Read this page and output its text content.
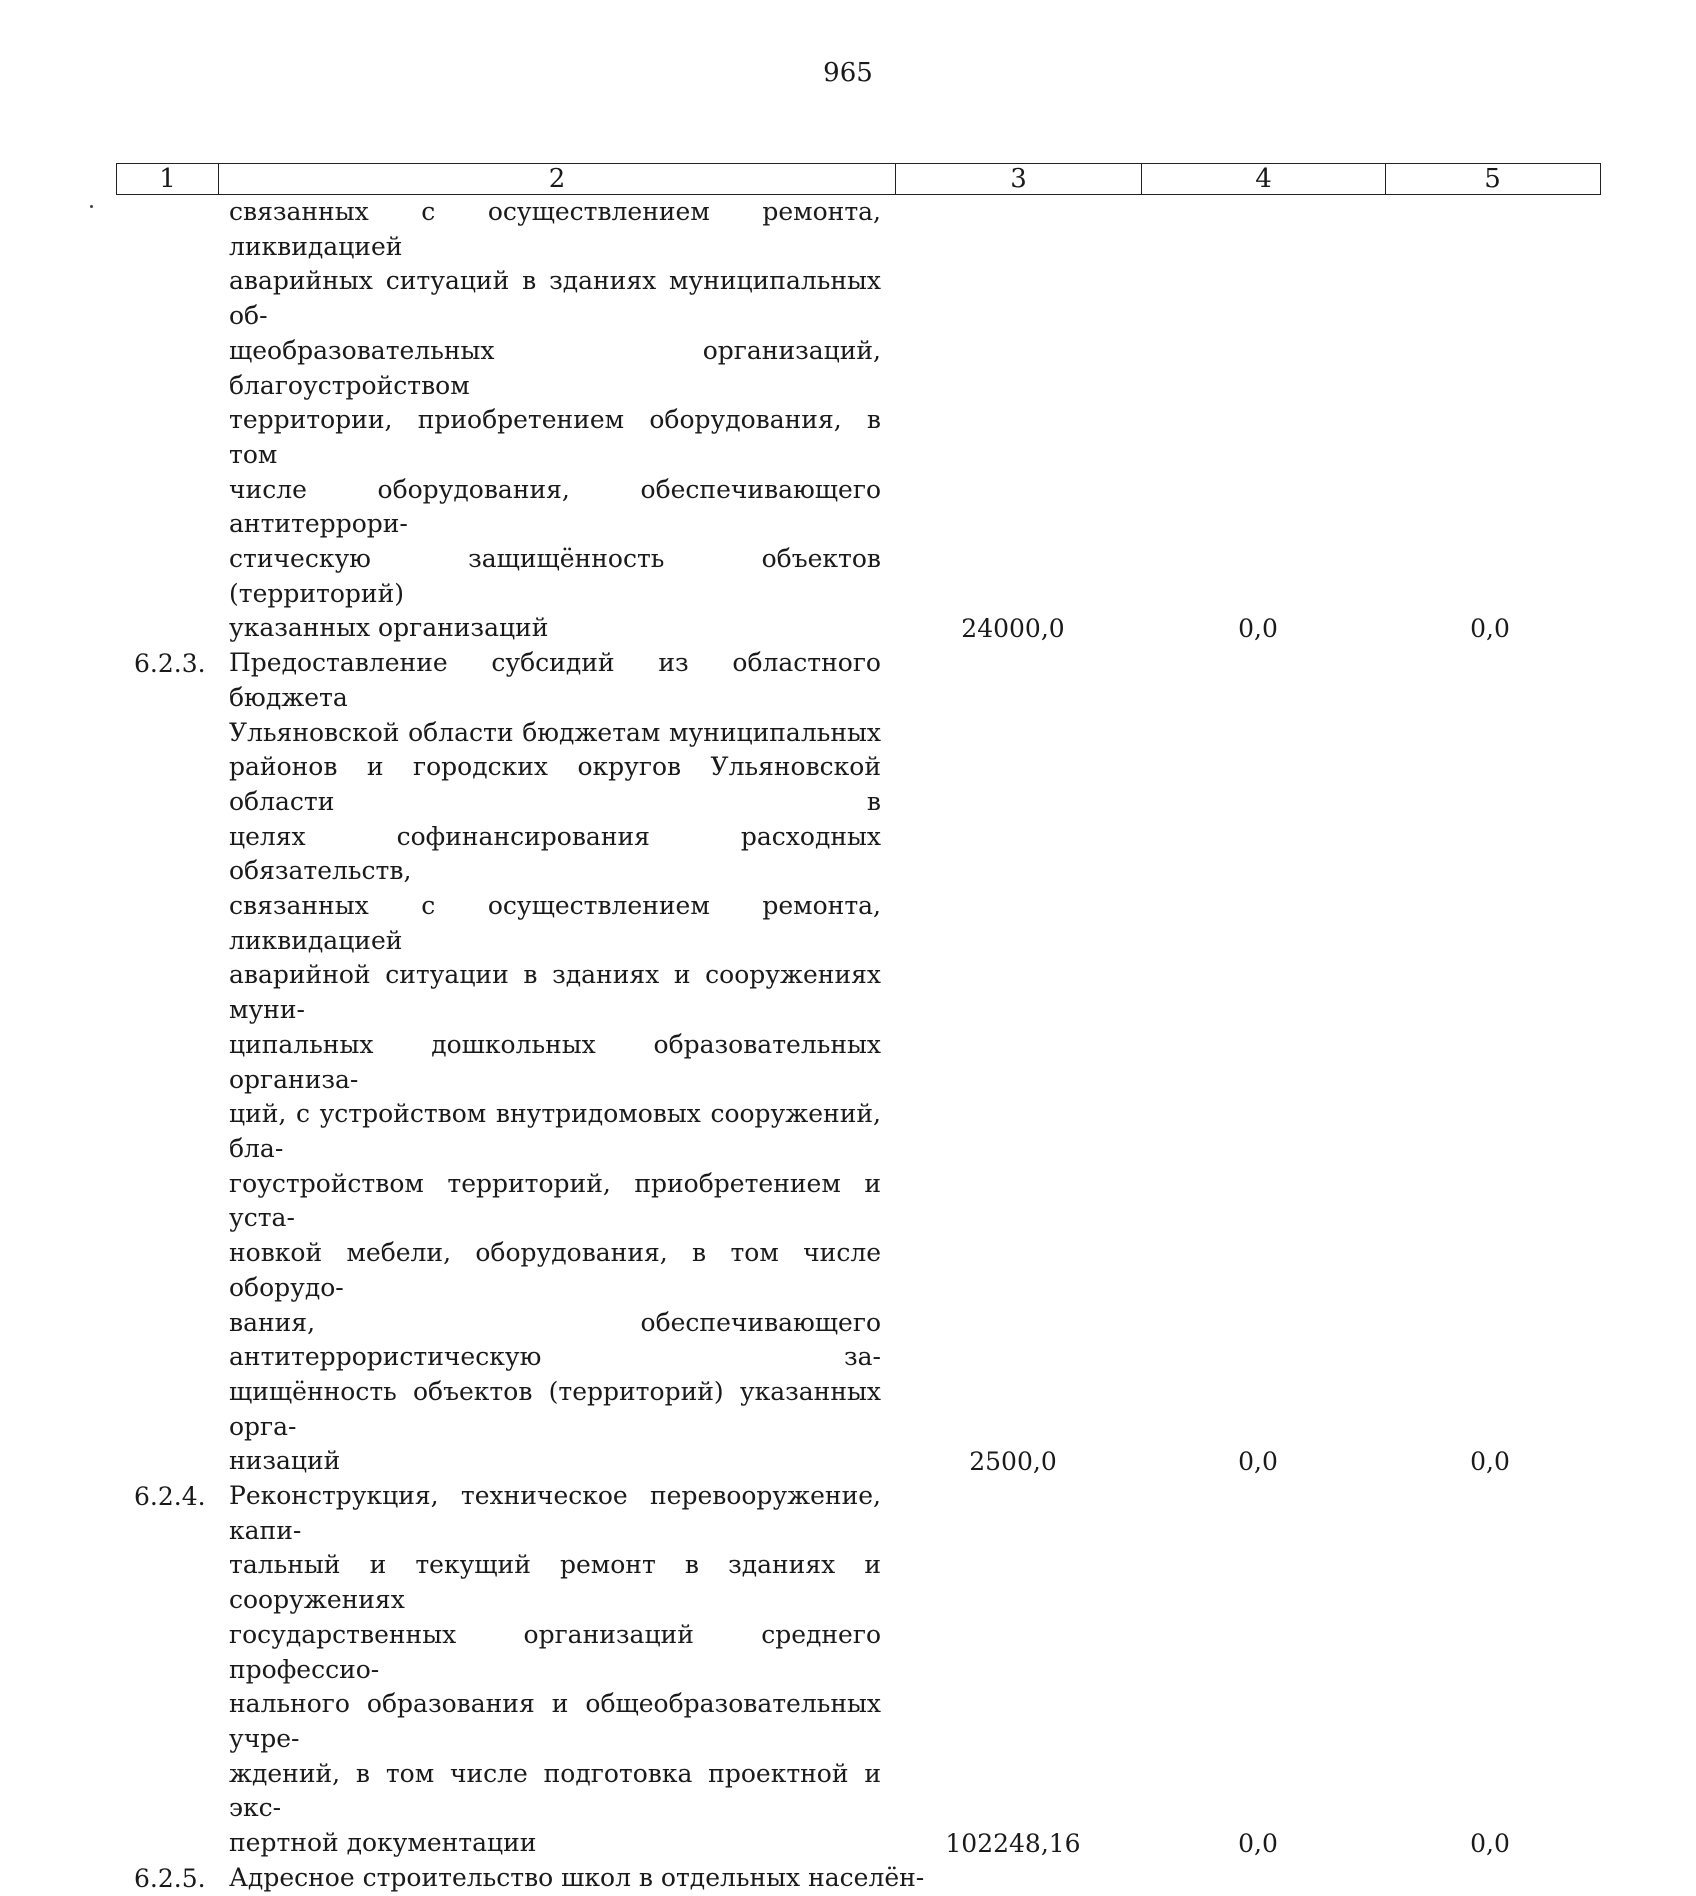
965
1	2	3	4	5
связанных с осуществлением ремонта, ликвидацией
аварийных ситуаций в зданиях муниципальных об-
щеобразовательных организаций, благоустройством
территории, приобретением оборудования, в том
числе оборудования, обеспечивающего антитеррори-
стическую защищённость объектов (территорий)
указанных организаций	24000,0	0,0	0,0
6.2.3. Предоставление субсидий из областного бюджета
Ульяновской области бюджетам муниципальных
районов и городских округов Ульяновской области в
целях софинансирования расходных обязательств,
связанных с осуществлением ремонта, ликвидацией
аварийной ситуации в зданиях и сооружениях муни-
ципальных дошкольных образовательных организа-
ций, с устройством внутридомовых сооружений, бла-
гоустройством территорий, приобретением и уста-
новкой мебели, оборудования, в том числе оборудо-
вания, обеспечивающего антитеррористическую за-
щищённость объектов (территорий) указанных орга-
низаций	2500,0	0,0	0,0
6.2.4. Реконструкция, техническое перевооружение, капи-
тальный и текущий ремонт в зданиях и сооружениях
государственных организаций среднего профессио-
нального образования и общеобразовательных учре-
ждений, в том числе подготовка проектной и экс-
пертной документации	102248,16	0,0	0,0
6.2.5. Адресное строительство школ в отдельных населён-
